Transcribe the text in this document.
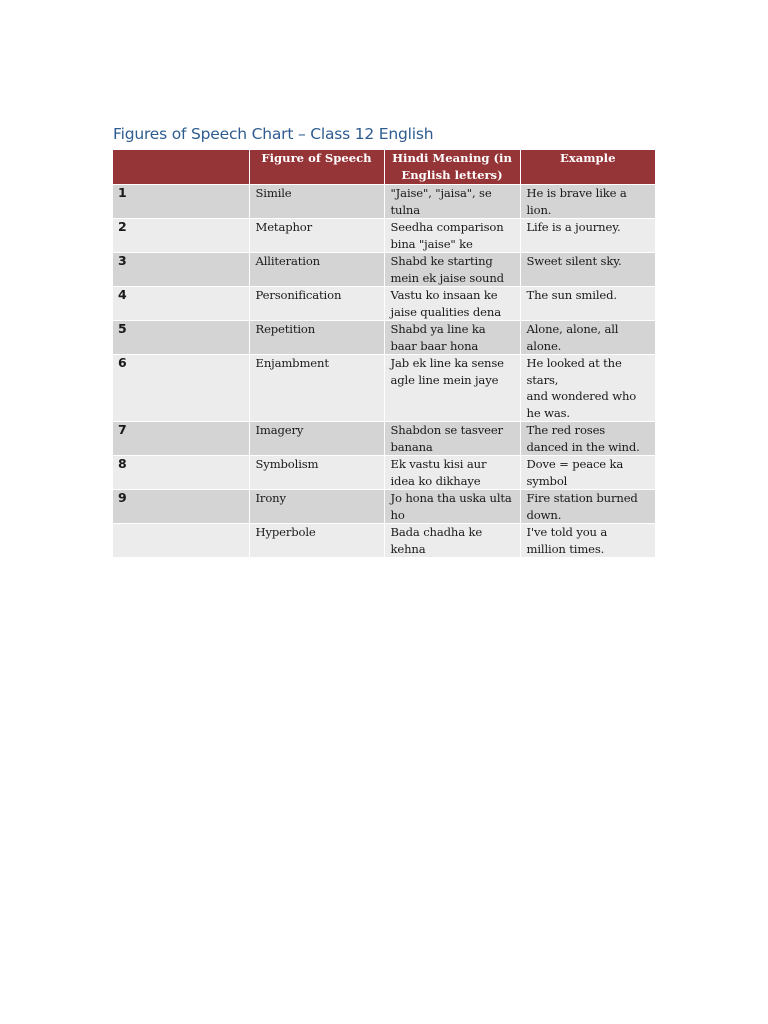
Figures of Speech Chart – Class 12 English
	Figure of Speech	Hindi Meaning (in English letters)	Example
1	Simile	"Jaise", "jaisa", se tulna	He is brave like a lion.
2	Metaphor	Seedha comparison bina "jaise" ke	Life is a journey.
3	Alliteration	Shabd ke starting mein ek jaise sound	Sweet silent sky.
4	Personification	Vastu ko insaan ke jaise qualities dena	The sun smiled.
5	Repetition	Shabd ya line ka baar baar hona	Alone, alone, all alone.
6	Enjambment	Jab ek line ka sense agle line mein jaye	He looked at the stars,
and wondered who he was.
7	Imagery	Shabdon se tasveer banana	The red roses danced in the wind.
8	Symbolism	Ek vastu kisi aur idea ko dikhaye	Dove = peace ka symbol
9	Irony	Jo hona tha uska ulta ho	Fire station burned down.
	Hyperbole	Bada chadha ke kehna	I've told you a million times.
